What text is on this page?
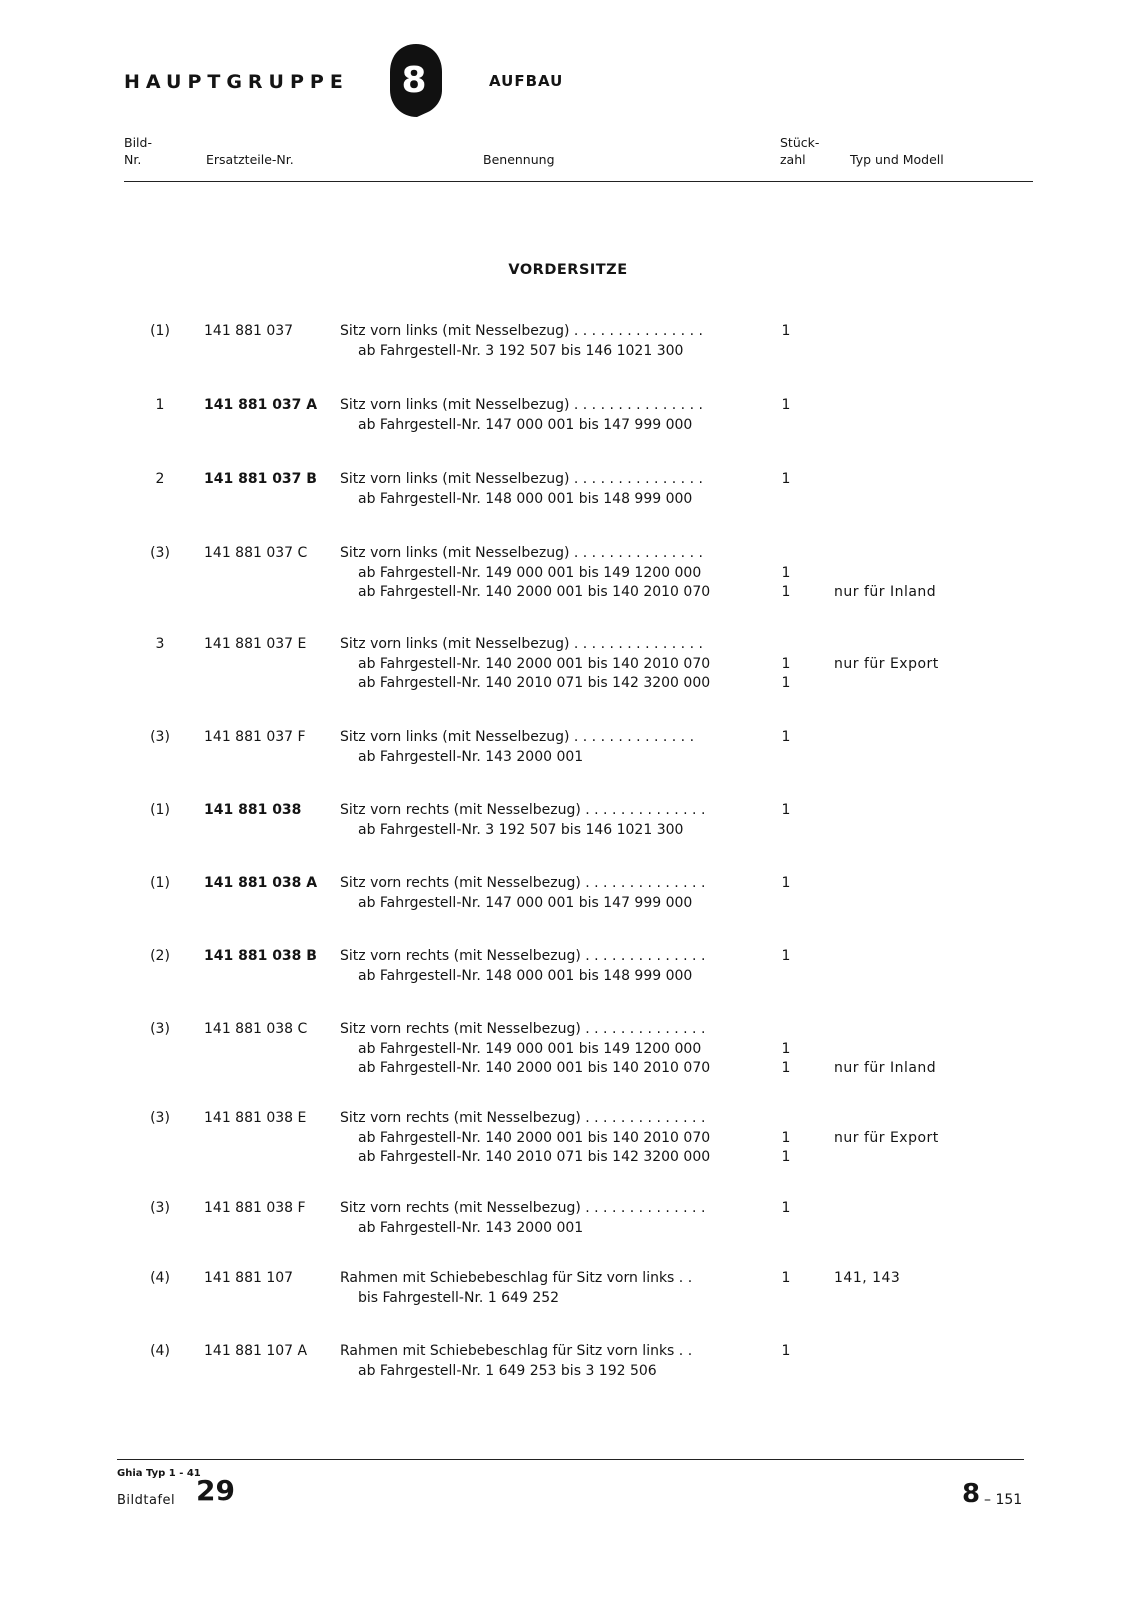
HAUPTGRUPPE 8	AUFBAU
Bild-
Nr.	Ersatzteile-Nr.	Benennung
Stück-
zahl	Typ und Modell
VORDERSITZE
(1)	141 881 037	Sitz vorn links (mit Nesselbezug) . . . . . . . . . . . . . . .	1
ab Fahrgestell-Nr. 3 192 507 bis 146 1021 300
1	141 881 037 A Sitz vorn links (mit Nesselbezug) . . . . . . . . . . . . . . .	1
ab Fahrgestell-Nr. 147 000 001 bis 147 999 000
2	141 881 037 B Sitz vorn links (mit Nesselbezug) . . . . . . . . . . . . . . .	1
ab Fahrgestell-Nr. 148 000 001 bis 148 999 000
(3)	141 881 037 C Sitz vorn links (mit Nesselbezug) . . . . . . . . . . . . . . .
ab Fahrgestell-Nr. 149 000 001 bis 149 1200 000	1
ab Fahrgestell-Nr. 140 2000 001 bis 140 2010 070	1	nur für Inland
3	141 881 037 E Sitz vorn links (mit Nesselbezug) . . . . . . . . . . . . . . .
ab Fahrgestell-Nr. 140 2000 001 bis 140 2010 070	1	nur für Export
ab Fahrgestell-Nr. 140 2010 071 bis 142 3200 000	1
(3)	141 881 037 F Sitz vorn links (mit Nesselbezug) . . . . . . . . . . . . . .	1
ab Fahrgestell-Nr. 143 2000 001
(1)	141 881 038	Sitz vorn rechts (mit Nesselbezug) . . . . . . . . . . . . . .	1
ab Fahrgestell-Nr. 3 192 507 bis 146 1021 300
(1)	141 881 038 A Sitz vorn rechts (mit Nesselbezug) . . . . . . . . . . . . . .	1
ab Fahrgestell-Nr. 147 000 001 bis 147 999 000
(2)	141 881 038 B Sitz vorn rechts (mit Nesselbezug) . . . . . . . . . . . . . .	1
ab Fahrgestell-Nr. 148 000 001 bis 148 999 000
(3)	141 881 038 C Sitz vorn rechts (mit Nesselbezug) . . . . . . . . . . . . . .
ab Fahrgestell-Nr. 149 000 001 bis 149 1200 000	1
ab Fahrgestell-Nr. 140 2000 001 bis 140 2010 070	1	nur für Inland
(3)	141 881 038 E Sitz vorn rechts (mit Nesselbezug) . . . . . . . . . . . . . .
ab Fahrgestell-Nr. 140 2000 001 bis 140 2010 070	1	nur für Export
ab Fahrgestell-Nr. 140 2010 071 bis 142 3200 000	1
(3)	141 881 038 F Sitz vorn rechts (mit Nesselbezug) . . . . . . . . . . . . . .	1
ab Fahrgestell-Nr. 143 2000 001
(4)	141 881 107	Rahmen mit Schiebebeschlag für Sitz vorn links . .	1	141, 143
bis Fahrgestell-Nr. 1 649 252
(4)	141 881 107 A Rahmen mit Schiebebeschlag für Sitz vorn links . .	1
ab Fahrgestell-Nr. 1 649 253 bis 3 192 506
Ghia Typ 1 - 41
Bildtafel 29	8 – 151
